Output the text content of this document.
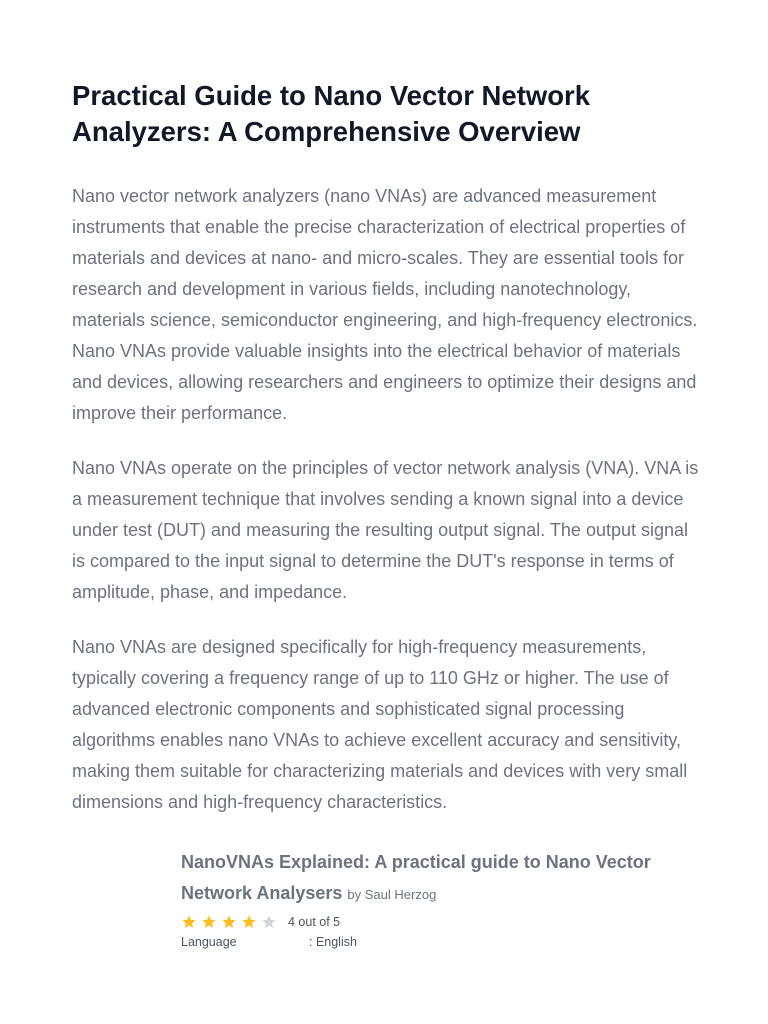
Practical Guide to Nano Vector Network Analyzers: A Comprehensive Overview

Nano vector network analyzers (nano VNAs) are advanced measurement instruments that enable the precise characterization of electrical properties of materials and devices at nano- and micro-scales. They are essential tools for research and development in various fields, including nanotechnology, materials science, semiconductor engineering, and high-frequency electronics. Nano VNAs provide valuable insights into the electrical behavior of materials and devices, allowing researchers and engineers to optimize their designs and improve their performance.

Nano VNAs operate on the principles of vector network analysis (VNA). VNA is a measurement technique that involves sending a known signal into a device under test (DUT) and measuring the resulting output signal. The output signal is compared to the input signal to determine the DUT's response in terms of amplitude, phase, and impedance.

Nano VNAs are designed specifically for high-frequency measurements, typically covering a frequency range of up to 110 GHz or higher. The use of advanced electronic components and sophisticated signal processing algorithms enables nano VNAs to achieve excellent accuracy and sensitivity, making them suitable for characterizing materials and devices with very small dimensions and high-frequency characteristics.

NanoVNAs Explained: A practical guide to Nano Vector Network Analysers by Saul Herzog
4 out of 5
Language	: English
